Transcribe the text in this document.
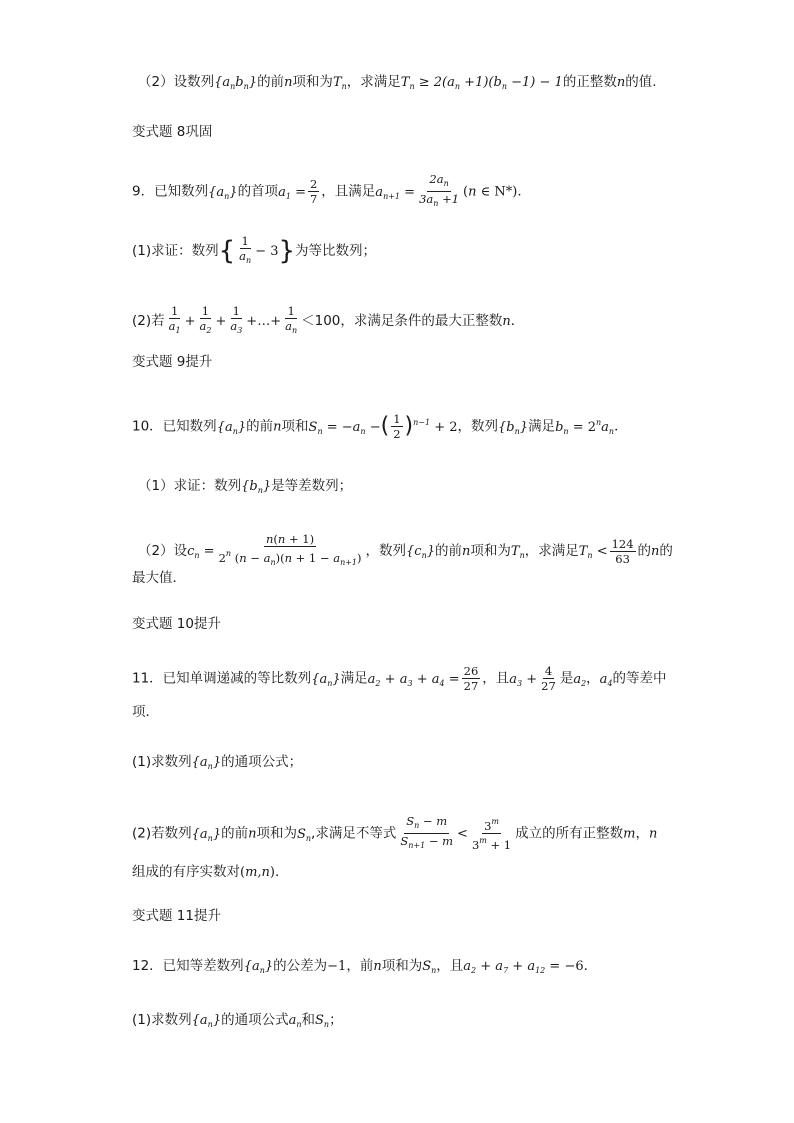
（2）设数列$\{a_nb_n\}$的前n项和为$T_n$，求满足$T_n \ge 2(a_n +1)(b_n -1) - 1$的正整数n的值.
变式题 8巩固
9．已知数列$\{a_n\}$的首项$a_1 = \frac{2}{7}$ ，且满足$a_{n+1} = \frac{2a_n}{3a_n +1} (n$ ∈ N*)．
(1)求证：数列{ $\frac{1}{a_n} - 3$}为等比数列；
(2)若 $\frac{1}{a_1} + \frac{1}{a_2} + \frac{1}{a_3}$ +…+ $\frac{1}{a_n} <100$，求满足条件的最大正整数n．
变式题 9提升
10．已知数列$\{a_n\}$的前n项和$S_n = -a_n$ −( $\frac{1}{2} )^{n-1} + 2$，数列$\{b_n\}$满足$b_n = 2^na_n$．
（1）求证：数列$\{b_n\}$是等差数列；
（2）设$c_n = \frac{n(n + 1)}{2^n (n - a_n)(n + 1 - a_{n+1})}$ ，数列$\{c_n\}$的前n项和为$T_n$，求满足$T_n < \frac{124}{63}$ 的n的
最大值．
变式题 10提升
11．已知单调递减的等比数列$\{a_n\}$满足$a_2 + a_3 + a_4 = \frac{26}{27}$ ，且$a_3 + \frac{4}{27}$ 是$a_2$，$a_4$的等差中
项．
(1)求数列$\{a_n\}$的通项公式；
(2)若数列$\{a_n\}$的前n项和为$S_n$,求满足不等式 $\frac{S_n - m}{S_{n+1} - m} < \frac{3^m}{3^m + 1}$ 成立的所有正整数m，n
组成的有序实数对(m,n)．
变式题 11提升
12．已知等差数列$\{a_n\}$的公差为−1，前n项和为$S_n$，且$a_2 + a_7 + a_{12} = -6$．
(1)求数列$\{a_n\}$的通项公式$a_n$和$S_n$；
